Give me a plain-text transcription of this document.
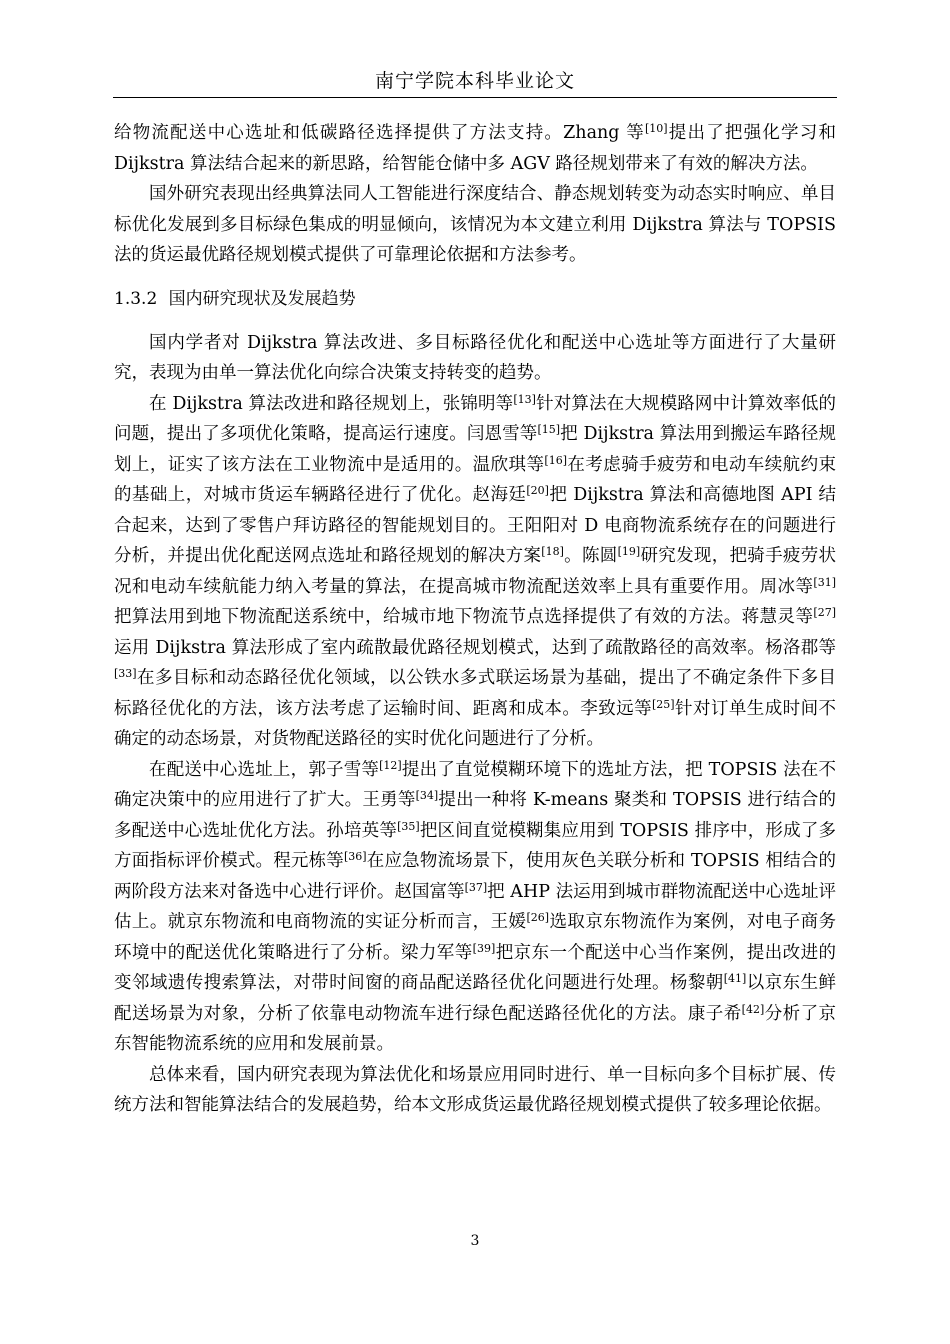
南宁学院本科毕业论文

给物流配送中心选址和低碳路径选择提供了方法支持。Zhang 等[10]提出了把强化学习和 Dijkstra 算法结合起来的新思路，给智能仓储中多 AGV 路径规划带来了有效的解决方法。

国外研究表现出经典算法同人工智能进行深度结合、静态规划转变为动态实时响应、单目标优化发展到多目标绿色集成的明显倾向，该情况为本文建立利用 Dijkstra 算法与 TOPSIS 法的货运最优路径规划模式提供了可靠理论依据和方法参考。

1.3.2 国内研究现状及发展趋势

国内学者对 Dijkstra 算法改进、多目标路径优化和配送中心选址等方面进行了大量研究，表现为由单一算法优化向综合决策支持转变的趋势。

在 Dijkstra 算法改进和路径规划上，张锦明等[13]针对算法在大规模路网中计算效率低的问题，提出了多项优化策略，提高运行速度。闫恩雪等[15]把 Dijkstra 算法用到搬运车路径规划上，证实了该方法在工业物流中是适用的。温欣琪等[16]在考虑骑手疲劳和电动车续航约束的基础上，对城市货运车辆路径进行了优化。赵海廷[20]把 Dijkstra 算法和高德地图 API 结合起来，达到了零售户拜访路径的智能规划目的。王阳阳对 D 电商物流系统存在的问题进行分析，并提出优化配送网点选址和路径规划的解决方案[18]。陈圆[19]研究发现，把骑手疲劳状况和电动车续航能力纳入考量的算法，在提高城市物流配送效率上具有重要作用。周冰等[31]把算法用到地下物流配送系统中，给城市地下物流节点选择提供了有效的方法。蒋慧灵等[27]运用 Dijkstra 算法形成了室内疏散最优路径规划模式，达到了疏散路径的高效率。杨洛郡等[33]在多目标和动态路径优化领域，以公铁水多式联运场景为基础，提出了不确定条件下多目标路径优化的方法，该方法考虑了运输时间、距离和成本。李致远等[25]针对订单生成时间不确定的动态场景，对货物配送路径的实时优化问题进行了分析。

在配送中心选址上，郭子雪等[12]提出了直觉模糊环境下的选址方法，把 TOPSIS 法在不确定决策中的应用进行了扩大。王勇等[34]提出一种将 K-means 聚类和 TOPSIS 进行结合的多配送中心选址优化方法。孙培英等[35]把区间直觉模糊集应用到 TOPSIS 排序中，形成了多方面指标评价模式。程元栋等[36]在应急物流场景下，使用灰色关联分析和 TOPSIS 相结合的两阶段方法来对备选中心进行评价。赵国富等[37]把 AHP 法运用到城市群物流配送中心选址评估上。就京东物流和电商物流的实证分析而言，王媛[26]选取京东物流作为案例，对电子商务环境中的配送优化策略进行了分析。梁力军等[39]把京东一个配送中心当作案例，提出改进的变邻域遗传搜索算法，对带时间窗的商品配送路径优化问题进行处理。杨黎朝[41]以京东生鲜配送场景为对象，分析了依靠电动物流车进行绿色配送路径优化的方法。康子希[42]分析了京东智能物流系统的应用和发展前景。

总体来看，国内研究表现为算法优化和场景应用同时进行、单一目标向多个目标扩展、传统方法和智能算法结合的发展趋势，给本文形成货运最优路径规划模式提供了较多理论依据。

3
